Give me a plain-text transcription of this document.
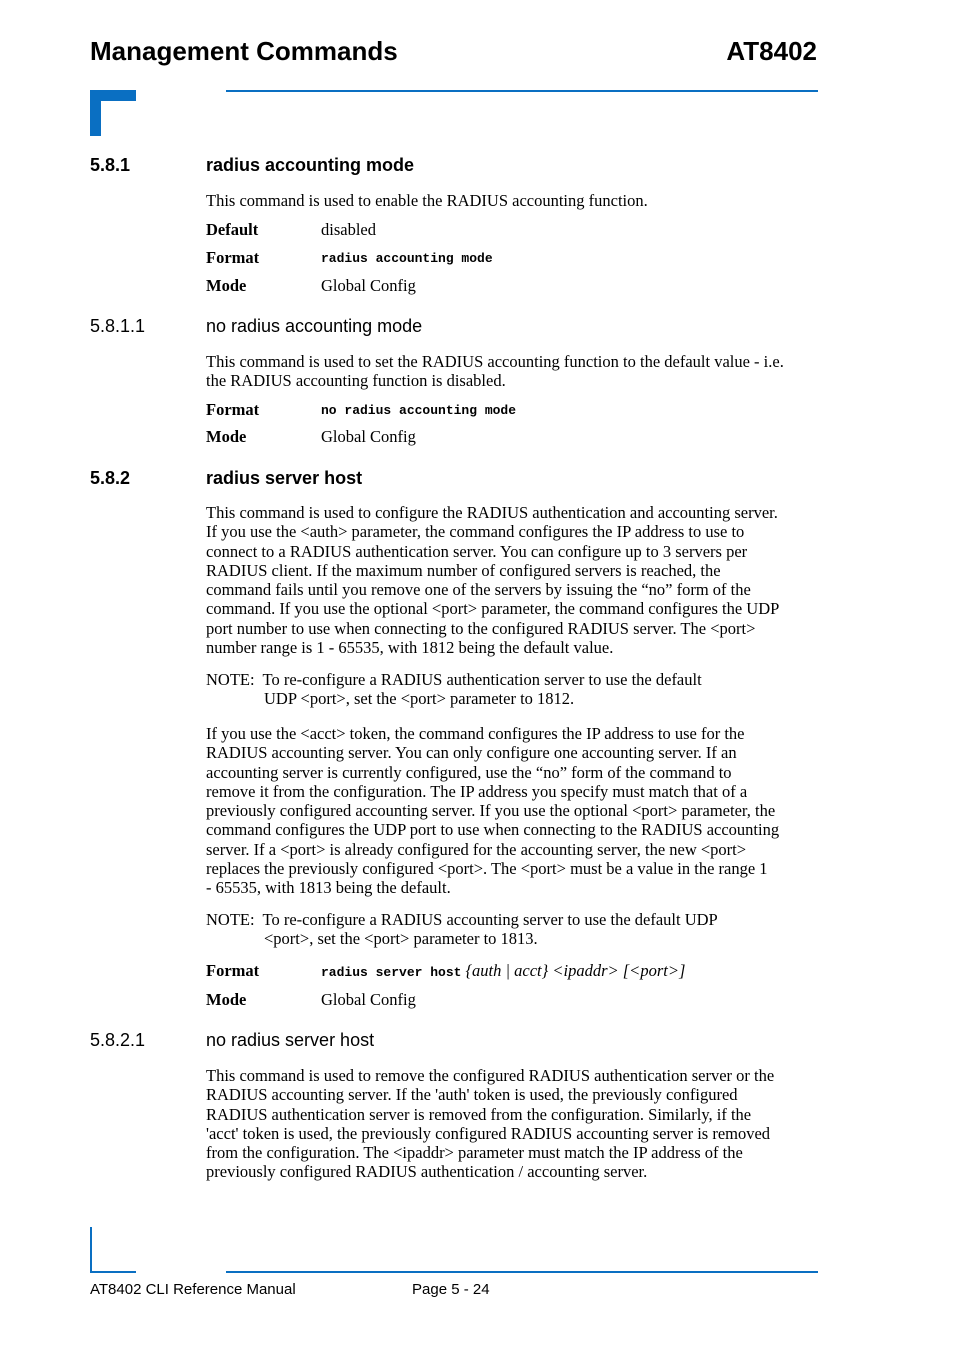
Management Commands	AT8402
5.8.1	radius accounting mode

This command is used to enable the RADIUS accounting function.

Default	disabled
Format	radius accounting mode
Mode	Global Config
5.8.1.1	no radius accounting mode

This command is used to set the RADIUS accounting function to the default value - i.e.

the RADIUS accounting function is disabled.

Format	no radius accounting mode
Mode	Global Config
5.8.2	radius server host

This command is used to configure the RADIUS authentication and accounting server.

If you use the <auth> parameter, the command configures the IP address to use to

connect to a RADIUS authentication server. You can configure up to 3 servers per

RADIUS client. If the maximum number of configured servers is reached, the

command fails until you remove one of the servers by issuing the “no” form of the

command. If you use the optional <port> parameter, the command configures the UDP

port number to use when connecting to the configured RADIUS server. The <port>

number range is 1 - 65535, with 1812 being the default value.

NOTE:  To re-configure a RADIUS authentication server to use the default

UDP <port>, set the <port> parameter to 1812.

If you use the <acct> token, the command configures the IP address to use for the

RADIUS accounting server. You can only configure one accounting server. If an

accounting server is currently configured, use the “no” form of the command to

remove it from the configuration. The IP address you specify must match that of a

previously configured accounting server. If you use the optional <port> parameter, the

command configures the UDP port to use when connecting to the RADIUS accounting

server. If a <port> is already configured for the accounting server, the new <port>

replaces the previously configured <port>. The <port> must be a value in the range 1

- 65535, with 1813 being the default.

NOTE:  To re-configure a RADIUS accounting server to use the default UDP

<port>, set the <port> parameter to 1813.

Format	radius server host {auth | acct} <ipaddr> [<port>]
Mode	Global Config
5.8.2.1	no radius server host

This command is used to remove the configured RADIUS authentication server or the

RADIUS accounting server. If the 'auth' token is used, the previously configured

RADIUS authentication server is removed from the configuration. Similarly, if the

'acct' token is used, the previously configured RADIUS accounting server is removed

from the configuration. The <ipaddr> parameter must match the IP address of the

previously configured RADIUS authentication / accounting server.

AT8402 CLI Reference Manual	Page 5 - 24
